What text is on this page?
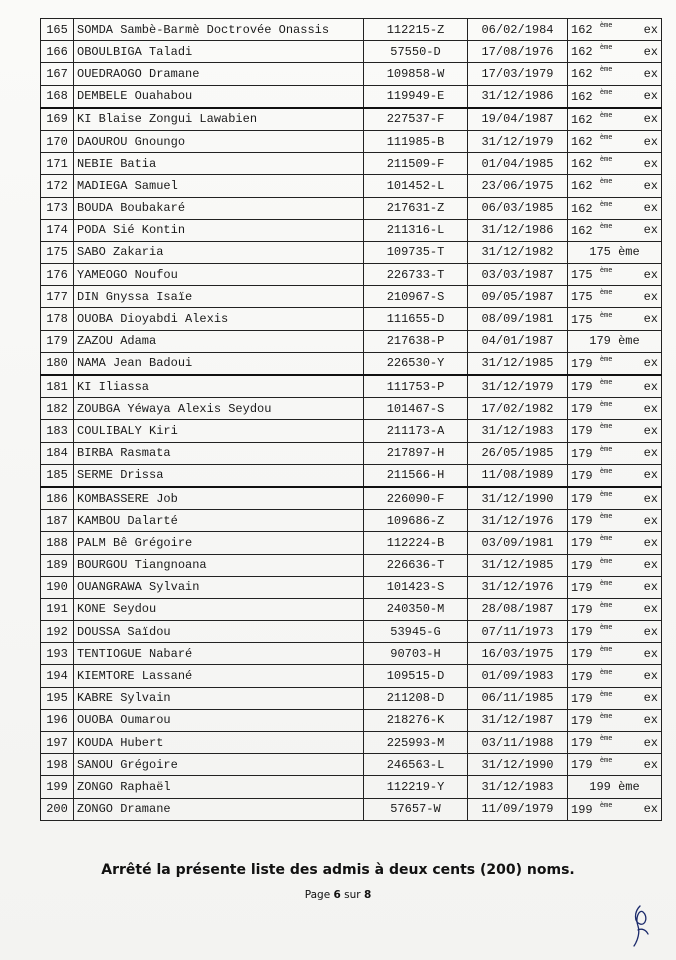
165	SOMDA Sambè-Barmè Doctrovée Onassis	112215-Z	06/02/1984	162 $^{ème}$ ex

166	OBOULBIGA Taladi	57550-D	17/08/1976	162 $^{ème}$ ex

167	OUEDRAOGO Dramane	109858-W	17/03/1979	162 $^{ème}$ ex

168	DEMBELE Ouahabou	119949-E	31/12/1986	162 $^{ème}$ ex

169	KI Blaise Zongui Lawabien	227537-F	19/04/1987	162 $^{ème}$ ex

170	DAOUROU Gnoungo	111985-B	31/12/1979	162 $^{ème}$ ex

171	NEBIE Batia	211509-F	01/04/1985	162 $^{ème}$ ex

172	MADIEGA Samuel	101452-L	23/06/1975	162 $^{ème}$ ex

173	BOUDA Boubakaré	217631-Z	06/03/1985	162 $^{ème}$ ex

174	PODA Sié Kontin	211316-L	31/12/1986	162 $^{ème}$ ex

175	SABO Zakaria	109735-T	31/12/1982	175 ème

176	YAMEOGO Noufou	226733-T	03/03/1987	175 $^{ème}$ ex

177	DIN Gnyssa Isaïe	210967-S	09/05/1987	175 $^{ème}$ ex

178	OUOBA Dioyabdi Alexis	111655-D	08/09/1981	175 $^{ème}$ ex

179	ZAZOU Adama	217638-P	04/01/1987	179 ème

180	NAMA Jean Badoui	226530-Y	31/12/1985	179 $^{ème}$ ex

181	KI Iliassa	111753-P	31/12/1979	179 $^{ème}$ ex

182	ZOUBGA Yéwaya Alexis Seydou	101467-S	17/02/1982	179 $^{ème}$ ex

183	COULIBALY Kiri	211173-A	31/12/1983	179 $^{ème}$ ex

184	BIRBA Rasmata	217897-H	26/05/1985	179 $^{ème}$ ex

185	SERME Drissa	211566-H	11/08/1989	179 $^{ème}$ ex

186	KOMBASSERE Job	226090-F	31/12/1990	179 $^{ème}$ ex

187	KAMBOU Dalarté	109686-Z	31/12/1976	179 $^{ème}$ ex

188	PALM Bê Grégoire	112224-B	03/09/1981	179 $^{ème}$ ex

189	BOURGOU Tiangnoana	226636-T	31/12/1985	179 $^{ème}$ ex

190	OUANGRAWA Sylvain	101423-S	31/12/1976	179 $^{ème}$ ex

191	KONE Seydou	240350-M	28/08/1987	179 $^{ème}$ ex

192	DOUSSA Saïdou	53945-G	07/11/1973	179 $^{ème}$ ex

193	TENTIOGUE Nabaré	90703-H	16/03/1975	179 $^{ème}$ ex

194	KIEMTORE Lassané	109515-D	01/09/1983	179 $^{ème}$ ex

195	KABRE Sylvain	211208-D	06/11/1985	179 $^{ème}$ ex

196	OUOBA Oumarou	218276-K	31/12/1987	179 $^{ème}$ ex

197	KOUDA Hubert	225993-M	03/11/1988	179 $^{ème}$ ex

198	SANOU Grégoire	246563-L	31/12/1990	179 $^{ème}$ ex

199	ZONGO Raphaël	112219-Y	31/12/1983	199 ème

200	ZONGO Dramane	57657-W	11/09/1979	199 $^{ème}$ ex
Arrêté la présente liste des admis à deux cents (200) noms.
Page 6 sur 8
